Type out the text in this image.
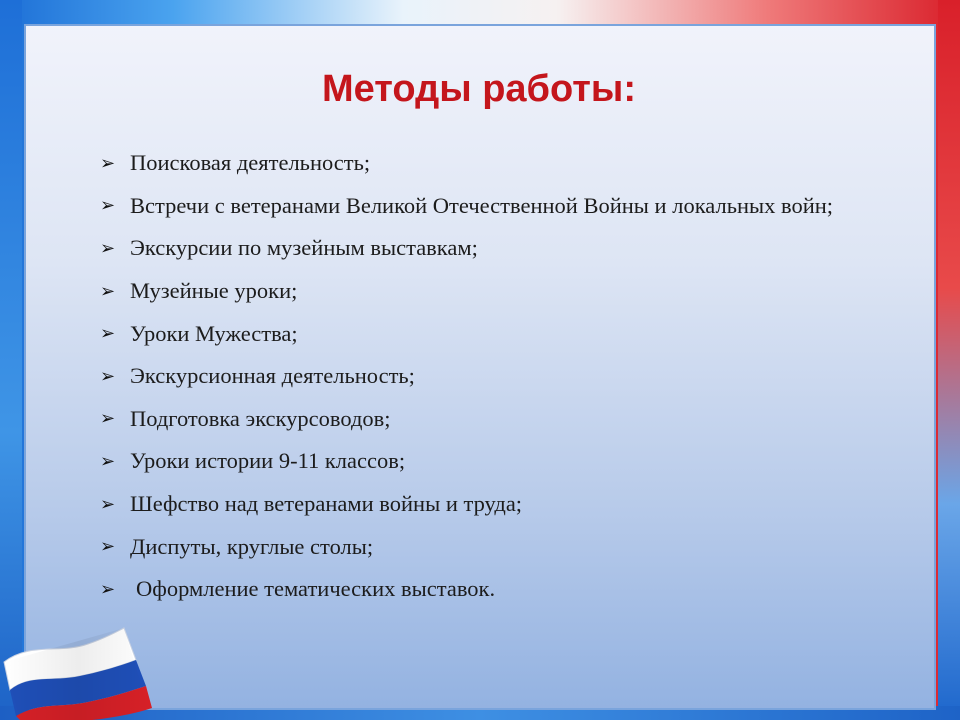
Методы работы:
➢ Поисковая деятельность;
➢ Встречи с ветеранами Великой Отечественной Войны и локальных войн;
➢ Экскурсии по музейным выставкам;
➢ Музейные уроки;
➢ Уроки Мужества;
➢ Экскурсионная деятельность;
➢ Подготовка экскурсоводов;
➢ Уроки истории 9-11 классов;
➢ Шефство над ветеранами войны и труда;
➢ Диспуты, круглые столы;
➢ Оформление тематических выставок.
